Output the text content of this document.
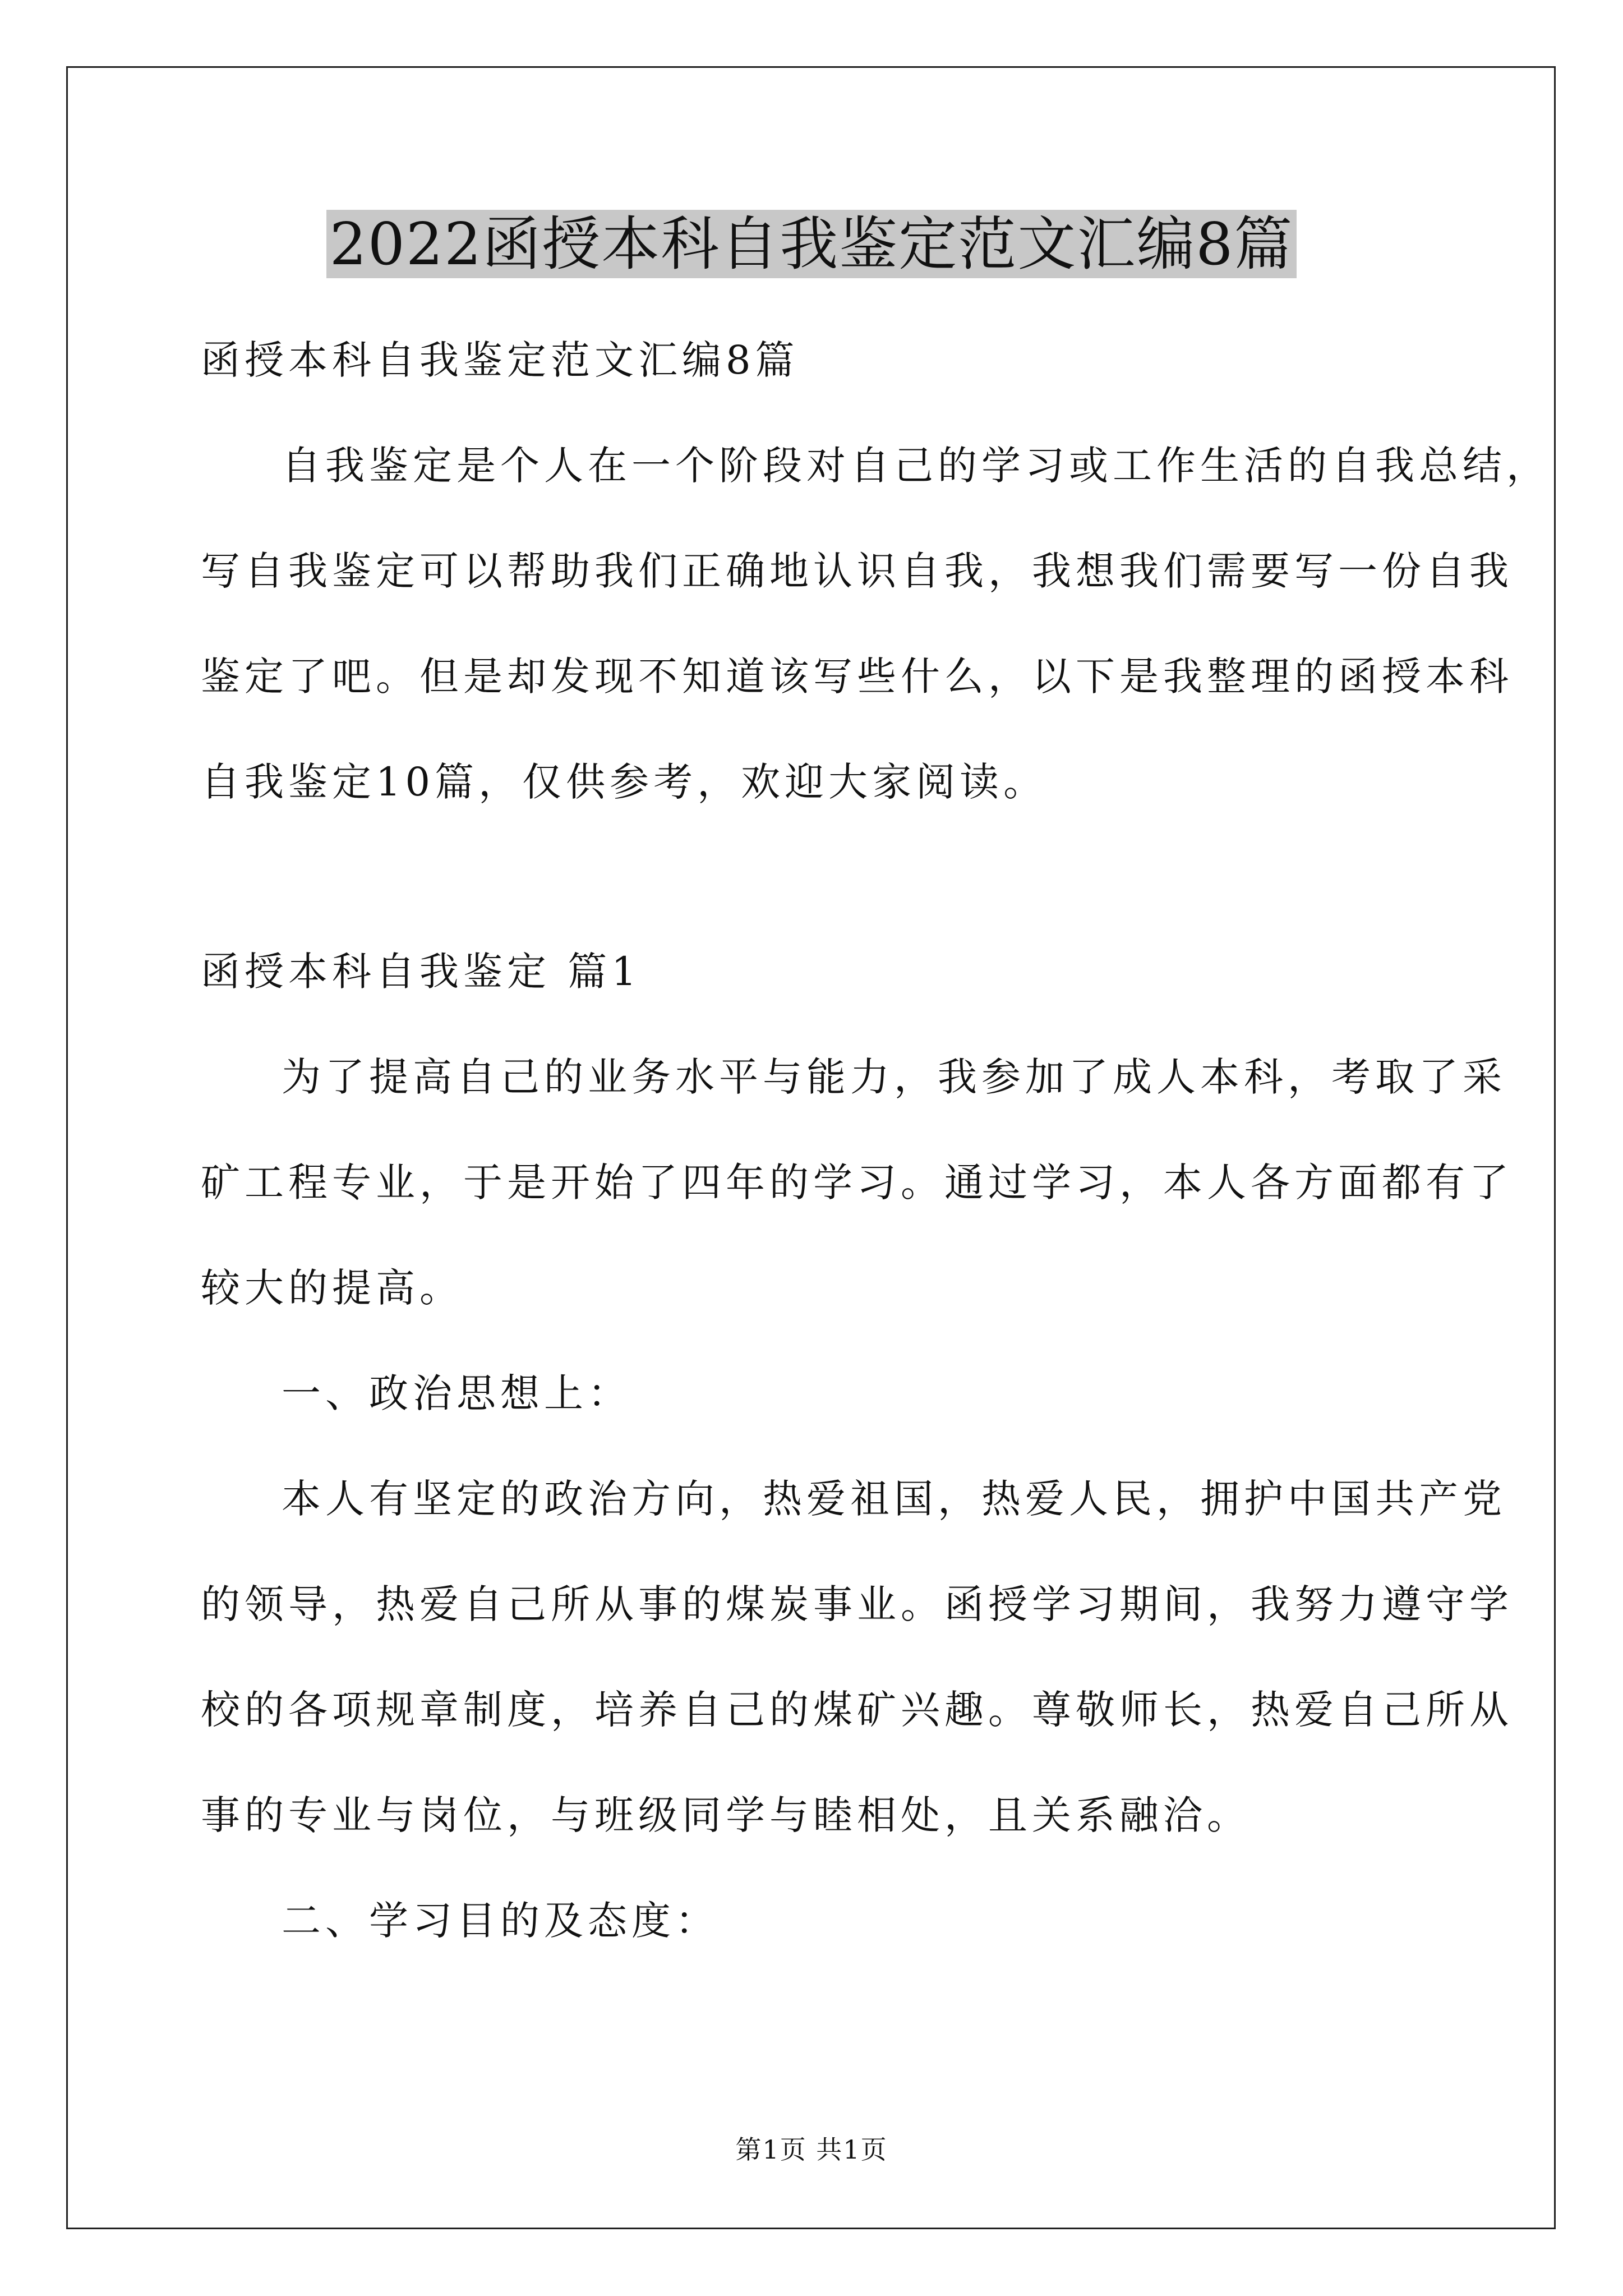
2022函授本科自我鉴定范文汇编8篇

函授本科自我鉴定范文汇编8篇

自我鉴定是个人在一个阶段对自己的学习或工作生活的自我总结，

写自我鉴定可以帮助我们正确地认识自我，我想我们需要写一份自我

鉴定了吧。但是却发现不知道该写些什么，以下是我整理的函授本科

自我鉴定10篇，仅供参考，欢迎大家阅读。

函授本科自我鉴定 篇1

为了提高自己的业务水平与能力，我参加了成人本科，考取了采

矿工程专业，于是开始了四年的学习。通过学习，本人各方面都有了

较大的提高。

一、政治思想上：

本人有坚定的政治方向，热爱祖国，热爱人民，拥护中国共产党

的领导，热爱自己所从事的煤炭事业。函授学习期间，我努力遵守学

校的各项规章制度，培养自己的煤矿兴趣。尊敬师长，热爱自己所从

事的专业与岗位，与班级同学与睦相处，且关系融洽。

二、学习目的及态度：

第1页 共1页
